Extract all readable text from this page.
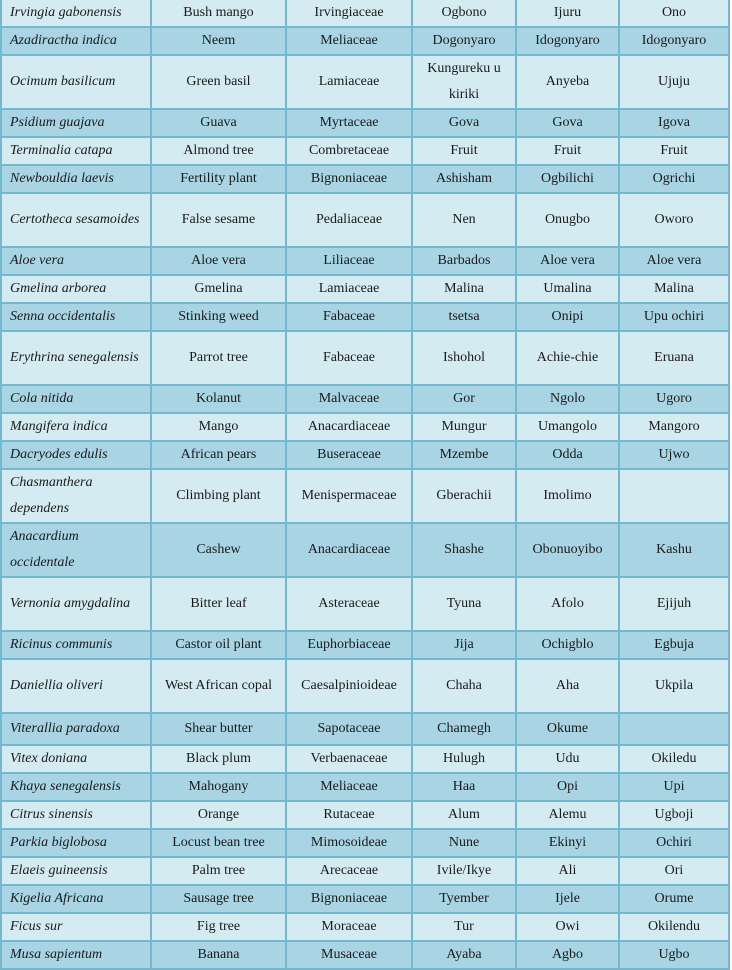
Irvingia gabonensis	Bush mango	Irvingiaceae	Ogbono	Ijuru	Ono
Azadiractha indica	Neem	Meliaceae	Dogonyaro	Idogonyaro	Idogonyaro
Ocimum basilicum	Green basil	Lamiaceae	Kungureku u kiriki	Anyeba	Ujuju
Psidium guajava	Guava	Myrtaceae	Gova	Gova	Igova
Terminalia catapa	Almond tree	Combretaceae	Fruit	Fruit	Fruit
Newbouldia laevis	Fertility plant	Bignoniaceae	Ashisham	Ogbilichi	Ogrichi
Certotheca sesamoides	False sesame	Pedaliaceae	Nen	Onugbo	Oworo
Aloe vera	Aloe vera	Liliaceae	Barbados	Aloe vera	Aloe vera
Gmelina arborea	Gmelina	Lamiaceae	Malina	Umalina	Malina
Senna occidentalis	Stinking weed	Fabaceae	tsetsa	Onipi	Upu ochiri
Erythrina senegalensis	Parrot tree	Fabaceae	Ishohol	Achie-chie	Eruana
Cola nitida	Kolanut	Malvaceae	Gor	Ngolo	Ugoro
Mangifera indica	Mango	Anacardiaceae	Mungur	Umangolo	Mangoro
Dacryodes edulis	African pears	Buseraceae	Mzembe	Odda	Ujwo
Chasmanthera dependens	Climbing plant	Menispermaceae	Gberachii	Imolimo	
Anacardium occidentale	Cashew	Anacardiaceae	Shashe	Obonuoyibo	Kashu
Vernonia amygdalina	Bitter leaf	Asteraceae	Tyuna	Afolo	Ejijuh
Ricinus communis	Castor oil plant	Euphorbiaceae	Jija	Ochigblo	Egbuja
Daniellia oliveri	West African copal	Caesalpinioideae	Chaha	Aha	Ukpila
Viterallia paradoxa	Shear butter	Sapotaceae	Chamegh	Okume	
Vitex doniana	Black plum	Verbaenaceae	Hulugh	Udu	Okiledu
Khaya senegalensis	Mahogany	Meliaceae	Haa	Opi	Upi
Citrus sinensis	Orange	Rutaceae	Alum	Alemu	Ugboji
Parkia biglobosa	Locust bean tree	Mimosoideae	Nune	Ekinyi	Ochiri
Elaeis guineensis	Palm tree	Arecaceae	Ivile/Ikye	Ali	Ori
Kigelia Africana	Sausage tree	Bignoniaceae	Tyember	Ijele	Orume
Ficus sur	Fig tree	Moraceae	Tur	Owi	Okilendu
Musa sapientum	Banana	Musaceae	Ayaba	Agbo	Ugbo
